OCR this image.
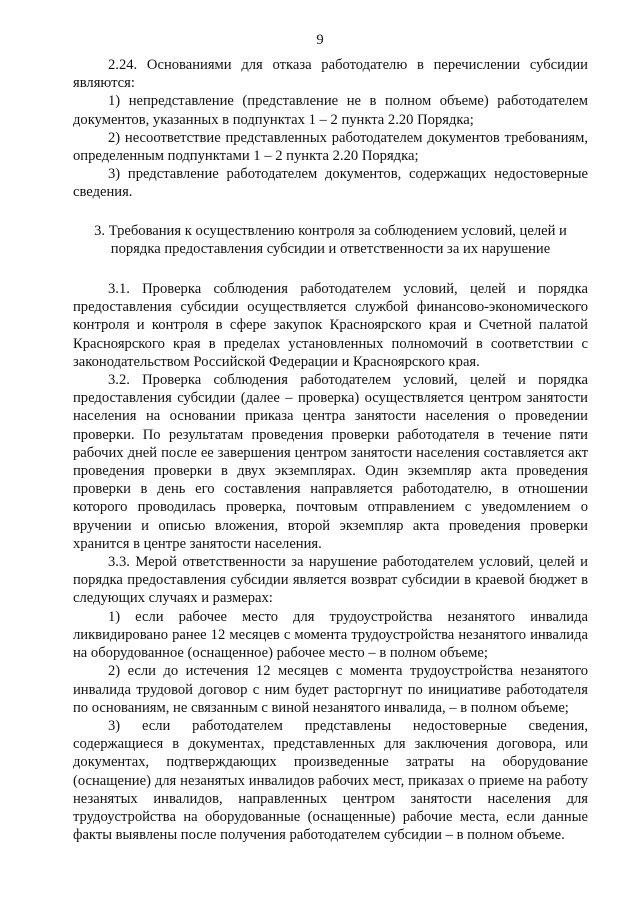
9

2.24. Основаниями для отказа работодателю в перечислении субсидии являются:

1) непредставление (представление не в полном объеме) работодателем документов, указанных в подпунктах 1 – 2 пункта 2.20 Порядка;

2) несоответствие представленных работодателем документов требованиям, определенным подпунктами 1 – 2 пункта 2.20 Порядка;

3) представление работодателем документов, содержащих недостоверные сведения.

3. Требования к осуществлению контроля за соблюдением условий, целей и порядка предоставления субсидии и ответственности за их нарушение

3.1. Проверка соблюдения работодателем условий, целей и порядка предоставления субсидии осуществляется службой финансово-экономического контроля и контроля в сфере закупок Красноярского края и Счетной палатой Красноярского края в пределах установленных полномочий в соответствии с законодательством Российской Федерации и Красноярского края.

3.2. Проверка соблюдения работодателем условий, целей и порядка предоставления субсидии (далее – проверка) осуществляется центром занятости населения на основании приказа центра занятости населения о проведении проверки. По результатам проведения проверки работодателя в течение пяти рабочих дней после ее завершения центром занятости населения составляется акт проведения проверки в двух экземплярах. Один экземпляр акта проведения проверки в день его составления направляется работодателю, в отношении которого проводилась проверка, почтовым отправлением с уведомлением о вручении и описью вложения, второй экземпляр акта проведения проверки хранится в центре занятости населения.

3.3. Мерой ответственности за нарушение работодателем условий, целей и порядка предоставления субсидии является возврат субсидии в краевой бюджет в следующих случаях и размерах:

1) если рабочее место для трудоустройства незанятого инвалида ликвидировано ранее 12 месяцев с момента трудоустройства незанятого инвалида на оборудованное (оснащенное) рабочее место – в полном объеме;

2) если до истечения 12 месяцев с момента трудоустройства незанятого инвалида трудовой договор с ним будет расторгнут по инициативе работодателя по основаниям, не связанным с виной незанятого инвалида, – в полном объеме;

3) если работодателем представлены недостоверные сведения, содержащиеся в документах, представленных для заключения договора, или документах, подтверждающих произведенные затраты на оборудование (оснащение) для незанятых инвалидов рабочих мест, приказах о приеме на работу незанятых инвалидов, направленных центром занятости населения для трудоустройства на оборудованные (оснащенные) рабочие места, если данные факты выявлены после получения работодателем субсидии – в полном объеме.
